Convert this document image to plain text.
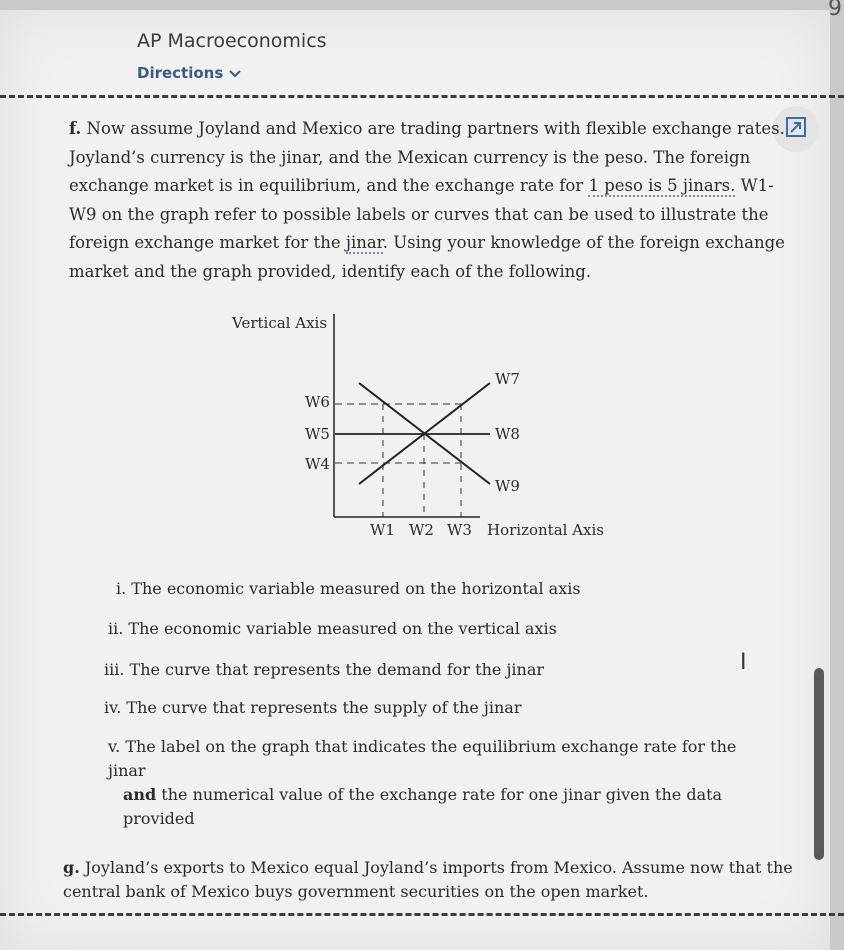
AP Macroeconomics
Directions
9
f. Now assume Joyland and Mexico are trading partners with flexible exchange rates. Joyland’s currency is the jinar, and the Mexican currency is the peso. The foreign exchange market is in equilibrium, and the exchange rate for 1 peso is 5 jinars. W1-W9 on the graph refer to possible labels or curves that can be used to illustrate the foreign exchange market for the jinar. Using your knowledge of the foreign exchange market and the graph provided, identify each of the following.
Vertical Axis
W6
W5
W4
W7
W8
W9
W1 W2 W3 Horizontal Axis
i. The economic variable measured on the horizontal axis
ii. The economic variable measured on the vertical axis
iii. The curve that represents the demand for the jinar
iv. The curve that represents the supply of the jinar
v. The label on the graph that indicates the equilibrium exchange rate for the jinar
and the numerical value of the exchange rate for one jinar given the data provided
I
g. Joyland’s exports to Mexico equal Joyland’s imports from Mexico. Assume now that the central bank of Mexico buys government securities on the open market.
